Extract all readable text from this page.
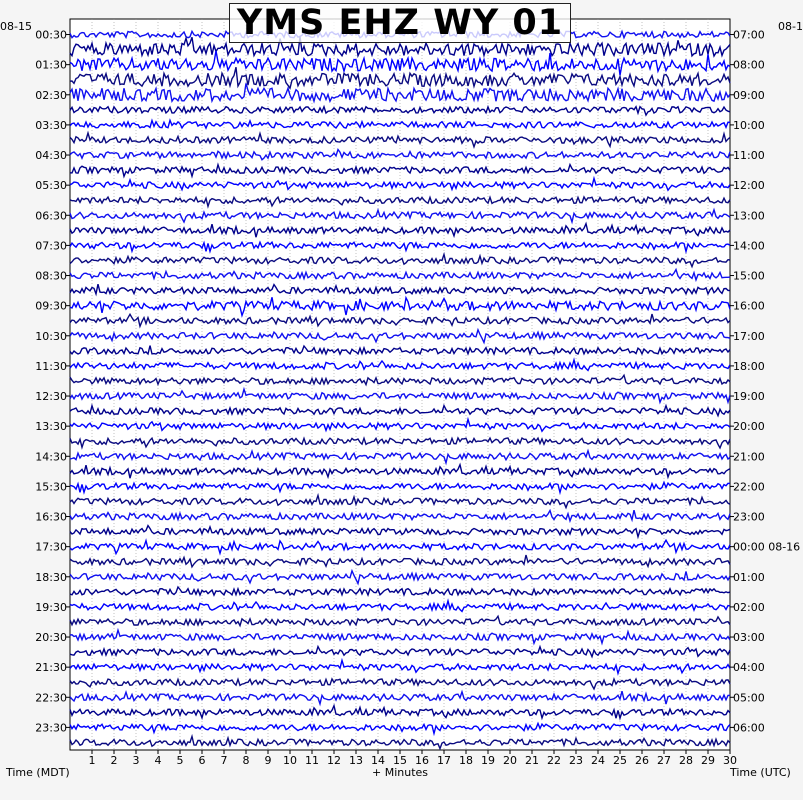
00:30
01:30
02:30
03:30
04:30
05:30
06:30
07:30
08:30
09:30
10:30
11:30
12:30
13:30
14:30
15:30
16:30
17:30
18:30
19:30
20:30
21:30
22:30
23:30
07:00
08:00
09:00
10:00
11:00
12:00
13:00
14:00
15:00
16:00
17:00
18:00
19:00
20:00
21:00
22:00
23:00
00:00 08-16
01:00
02:00
03:00
04:00
05:00
06:00
1 2 3 4 5 6 7 8 9 10 11 12 13 14 15 16 17 18 19 20 21 22 23 24 25 26 27 28 29 30
YMS EHZ WY 01
08-15	08-1
Time (MDT)	+ Minutes	Time (UTC)
